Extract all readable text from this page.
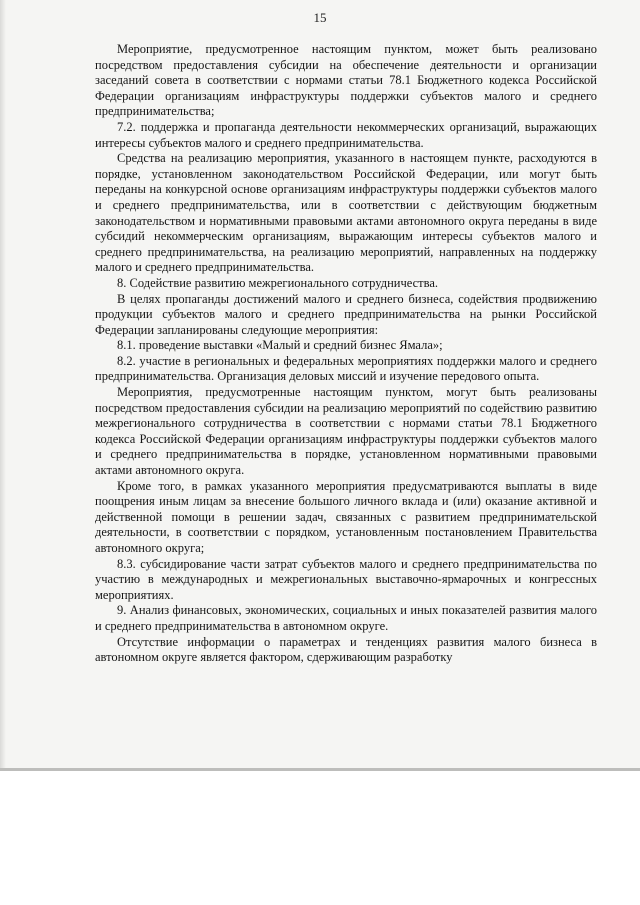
15

Мероприятие, предусмотренное настоящим пунктом, может быть реализовано посредством предоставления субсидии на обеспечение деятельности и организации заседаний совета в соответствии с нормами статьи 78.1 Бюджетного кодекса Российской Федерации организациям инфраструктуры поддержки субъектов малого и среднего предпринимательства;

7.2. поддержка и пропаганда деятельности некоммерческих организаций, выражающих интересы субъектов малого и среднего предпринимательства.

Средства на реализацию мероприятия, указанного в настоящем пункте, расходуются в порядке, установленном законодательством Российской Федерации, или могут быть переданы на конкурсной основе организациям инфраструктуры поддержки субъектов малого и среднего предпринимательства, или в соответствии с действующим бюджетным законодательством и нормативными правовыми актами автономного округа переданы в виде субсидий некоммерческим организациям, выражающим интересы субъектов малого и среднего предпринимательства, на реализацию мероприятий, направленных на поддержку малого и среднего предпринимательства.

8. Содействие развитию межрегионального сотрудничества.

В целях пропаганды достижений малого и среднего бизнеса, содействия продвижению продукции субъектов малого и среднего предпринимательства на рынки Российской Федерации запланированы следующие мероприятия:

8.1. проведение выставки «Малый и средний бизнес Ямала»;

8.2. участие в региональных и федеральных мероприятиях поддержки малого и среднего предпринимательства. Организация деловых миссий и изучение передового опыта.

Мероприятия, предусмотренные настоящим пунктом, могут быть реализованы посредством предоставления субсидии на реализацию мероприятий по содействию развитию межрегионального сотрудничества в соответствии с нормами статьи 78.1 Бюджетного кодекса Российской Федерации организациям инфраструктуры поддержки субъектов малого и среднего предпринимательства в порядке, установленном нормативными правовыми актами автономного округа.

Кроме того, в рамках указанного мероприятия предусматриваются выплаты в виде поощрения иным лицам за внесение большого личного вклада и (или) оказание активной и действенной помощи в решении задач, связанных с развитием предпринимательской деятельности, в соответствии с порядком, установленным постановлением Правительства автономного округа;

8.3. субсидирование части затрат субъектов малого и среднего предпринимательства по участию в международных и межрегиональных выставочно-ярмарочных и конгрессных мероприятиях.

9. Анализ финансовых, экономических, социальных и иных показателей развития малого и среднего предпринимательства в автономном округе.

Отсутствие информации о параметрах и тенденциях развития малого бизнеса в автономном округе является фактором, сдерживающим разработку
